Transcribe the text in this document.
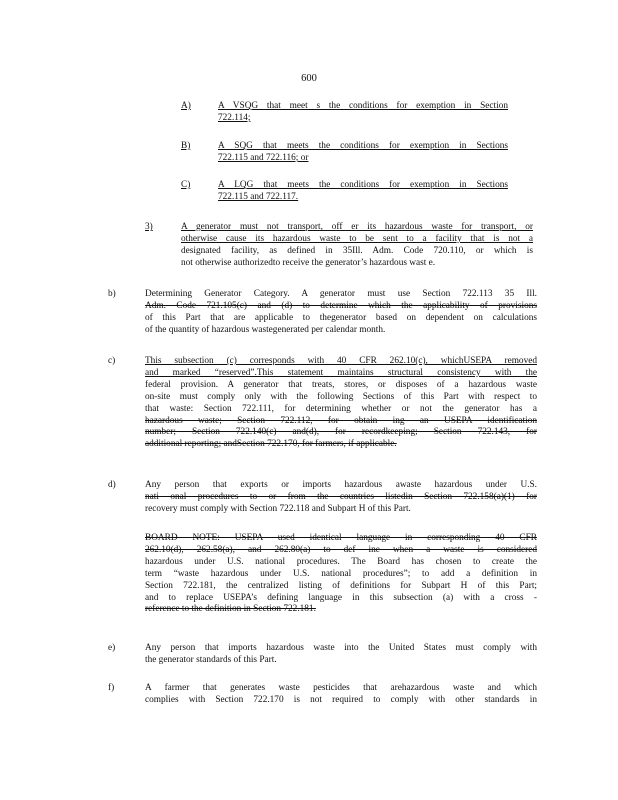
600
A)	A VSQG that meet s the conditions for exemption in Section
722.114;
B)	A SQG that meets the conditions for exemption in Sections
722.115 and 722.116; or
C)	A LQG that meets the conditions for exemption in Sections
722.115 and 722.117.
3)	A generator must not transport, off er its hazardous waste for transport, or
otherwise cause its hazardous waste to be sent to a facility that is not a
designated facility, as defined in 35Ill. Adm. Code 720.110, or which is
not otherwise authorizedto receive the generator’s hazardous wast e.
b)	Determining Generator Category. A generator must use Section 722.113 35 Ill.
Adm. Code 721.105(c) and (d) to determine which the applicability of provisions
of this Part that are applicable to thegenerator based on dependent on calculations
of the quantity of hazardous wastegenerated per calendar month.
c)	This subsection (c) corresponds with 40 CFR 262.10(c), whichUSEPA removed
and marked “reserved”.This statement maintains structural consistency with the
federal provision. A generator that treats, stores, or disposes of a hazardous waste
on-site must comply only with the following Sections of this Part with respect to
that waste: Section 722.111, for determining whether or not the generator has a
hazardous waste; Section 722.112, for obtain ing an USEPA identification
number; Section 722.140(c) and(d), for recordkeeping; Section 722.143, for
additional reporting; andSection 722.170, for farmers, if applicable.
d)	Any person that exports or imports hazardous awaste hazardous under U.S.
nati onal procedures to or from the countries listedin Section 722.158(a)(1) for
recovery must comply with Section 722.118 and Subpart H of this Part.
BOARD NOTE: USEPA used identical language in corresponding 40 CFR
262.10(d), 262.58(a), and 262.80(a) to def ine when a waste is considered
hazardous under U.S. national procedures. The Board has chosen to create the
term “waste hazardous under U.S. national procedures”; to add a definition in
Section 722.181, the centralized listing of definitions for Subpart H of this Part;
and to replace USEPA’s defining language in this subsection (a) with a cross -
reference to the definition in Section 722.181.
e)	Any person that imports hazardous waste into the United States must comply with
the generator standards of this Part.
f)	A farmer that generates waste pesticides that arehazardous waste and which
complies with Section 722.170 is not required to comply with other standards in
